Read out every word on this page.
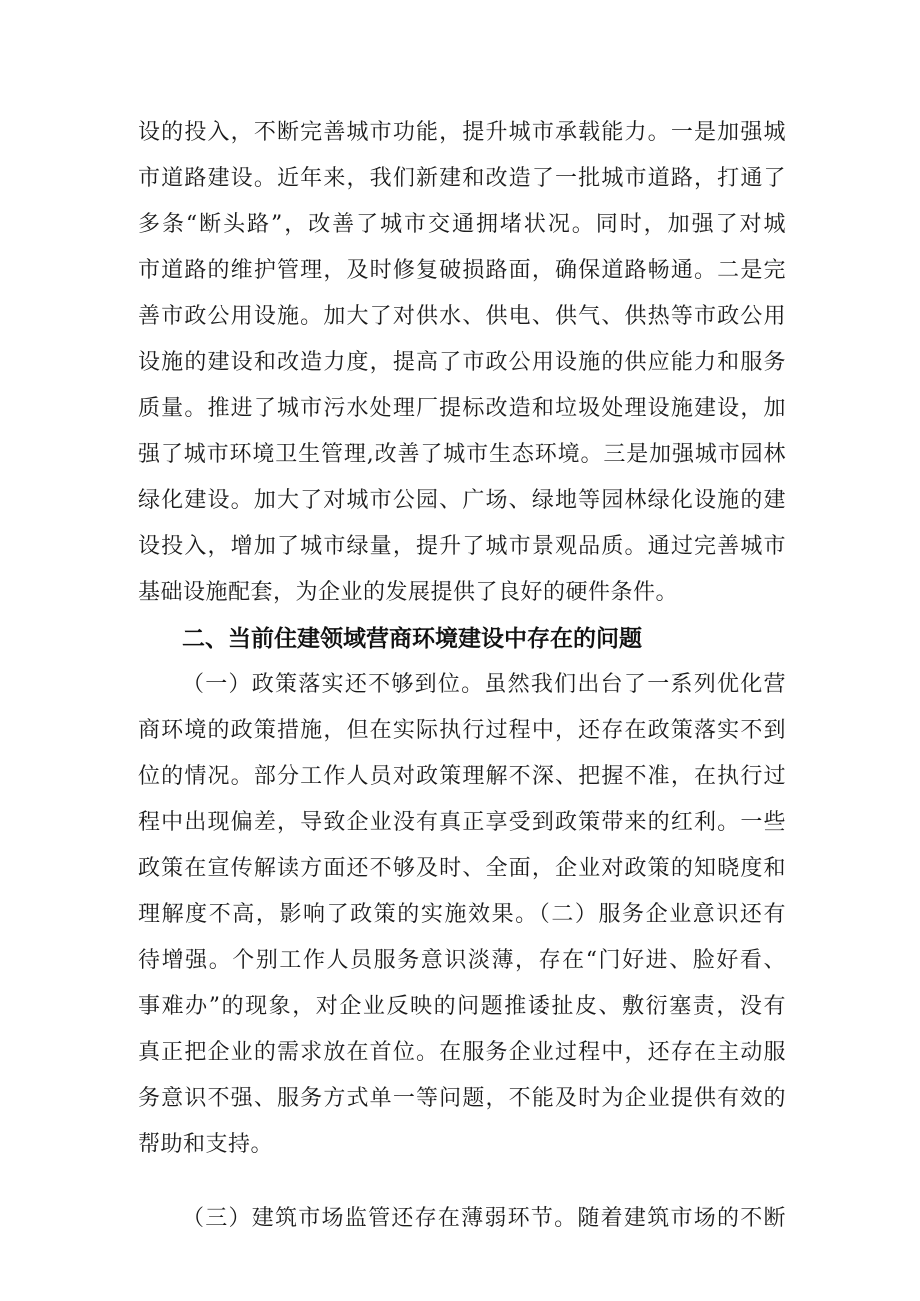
设的投入，不断完善城市功能，提升城市承载能力。一是加强城
市道路建设。近年来，我们新建和改造了一批城市道路，打通了
多条“断头路”，改善了城市交通拥堵状况。同时，加强了对城
市道路的维护管理，及时修复破损路面，确保道路畅通。二是完
善市政公用设施。加大了对供水、供电、供气、供热等市政公用
设施的建设和改造力度，提高了市政公用设施的供应能力和服务
质量。推进了城市污水处理厂提标改造和垃圾处理设施建设，加
强了城市环境卫生管理,改善了城市生态环境。三是加强城市园林
绿化建设。加大了对城市公园、广场、绿地等园林绿化设施的建
设投入，增加了城市绿量，提升了城市景观品质。通过完善城市
基础设施配套，为企业的发展提供了良好的硬件条件。
二、当前住建领域营商环境建设中存在的问题
（一）政策落实还不够到位。虽然我们出台了一系列优化营
商环境的政策措施，但在实际执行过程中，还存在政策落实不到
位的情况。部分工作人员对政策理解不深、把握不准，在执行过
程中出现偏差，导致企业没有真正享受到政策带来的红利。一些
政策在宣传解读方面还不够及时、全面，企业对政策的知晓度和
理解度不高，影响了政策的实施效果。（二）服务企业意识还有
待增强。个别工作人员服务意识淡薄，存在“门好进、脸好看、
事难办”的现象，对企业反映的问题推诿扯皮、敷衍塞责，没有
真正把企业的需求放在首位。在服务企业过程中，还存在主动服
务意识不强、服务方式单一等问题，不能及时为企业提供有效的
帮助和支持。
（三）建筑市场监管还存在薄弱环节。随着建筑市场的不断
